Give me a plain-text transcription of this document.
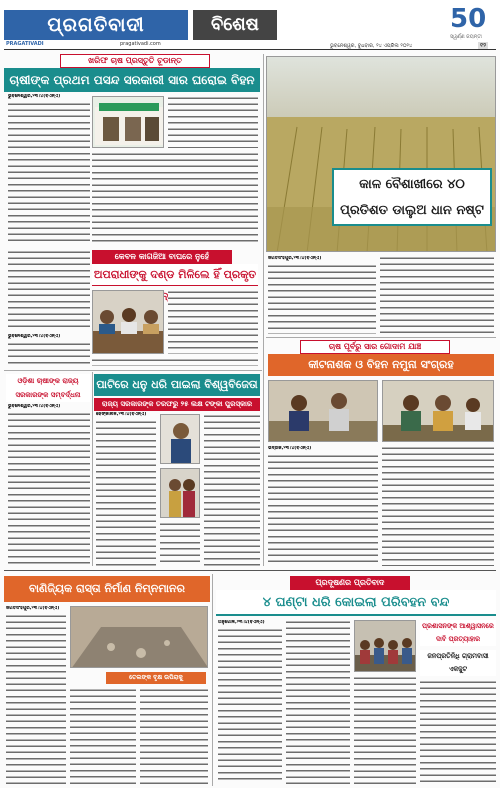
ପ୍ରଗତିବାଦୀ
PRAGATIVADI	pragativadi.com
ବିଶେଷ	50
ସ୍ୱର୍ଣ୍ଣ ଜୟନ୍ତୀ
ଭୁବନେଶ୍ୱର, ବୁଧବାର, ୨୪ ଏପ୍ରିଲ ୨୦୨୪	୧୨
ଖରିଫ ଚାଷ ପ୍ରସ୍ତୁତି ଚୂଡାନ୍ତ
ଚାଷୀଙ୍କ ପ୍ରଥମ ପସନ୍ଦ ସରକାରୀ ସାର ଘରୋଇ ବିହନ
ଭୁବନେଶ୍ୱର,୨୩।୪(ବିଏନ୍‌ଏ)
କାଳ ବୈଶାଖୀରେ ୪୦ ପ୍ରତିଶତ ଡାଲୁଅ ଧାନ ନଷ୍ଟ
ଜଗତସିଂହପୁର,୨୩।୪(ବିଏନ୍‌ଏ)
କେବଳ କାଗଜିଆ ବାଘରେ ନୁହେଁ
ଅପରାଧୀଙ୍କୁ ଦଣ୍ଡ ମିଳିଲେ ହିଁ ପ୍ରକୃତ
ଭୁବନେଶ୍ୱର,୨୩।୪(ବିଏନ୍‌ଏ)
ଚାଷ ପୂର୍ବରୁ ସାର ଗୋଦାମ ଯାଞ୍ଚ
କୀଟନାଶକ ଓ ବିହନ ନମୁନା ସଂଗ୍ରହ
ଭଦ୍ରକ,୨୩।୪(ବିଏନ୍‌ଏ)
ଓଡ଼ିଶା ଚାଷୀଙ୍କ ରାଜ୍ୟ ସରକାରଙ୍କ ସମ୍ବର୍ଦ୍ଧନା
ଭୁବନେଶ୍ୱର,୨୩।୪(ବିଏନ୍‌ଏ)
ପାଟିରେ ଧନୁ ଧରି ପାଇଲା ବିଶ୍ୱବିଜେତା
ରାଜ୍ୟ ସରକାରଙ୍କ ତରଫରୁ ୨୫ ଲକ୍ଷ ଟଙ୍କା ପୁରସ୍କାର
ଢେଙ୍କାନାଳ,୨୩।୪(ବିଏନ୍‌ଏ)
ବାଣିଜ୍ୟିକ ରାସ୍ତା ନିର୍ମାଣ ନିମ୍ନମାନର
ଜଗତସିଂହପୁର,୨୩।୪(ବିଏନ୍‌ଏ)
ତେଲଙ୍କ ବୃକ୍ଷ ଉପିରାକୁ
ପ୍ରଦୂଷଣର ପ୍ରତିବାଦ
୪ ଘଣ୍ଟା ଧରି କୋଇଲା ପରିବହନ ବନ୍ଦ
ଅନୁଗୋଳ,୨୩।୪(ବିଏନ୍‌ଏ)	ପ୍ରଶାସନଙ୍କ ଆଶ୍ୱାସନରେ ଦାବି ପ୍ରତ୍ୟାହାର
ଜନପ୍ରତିନିଧି ଗ୍ରାମବାସୀ ଏକଜୁଟ
